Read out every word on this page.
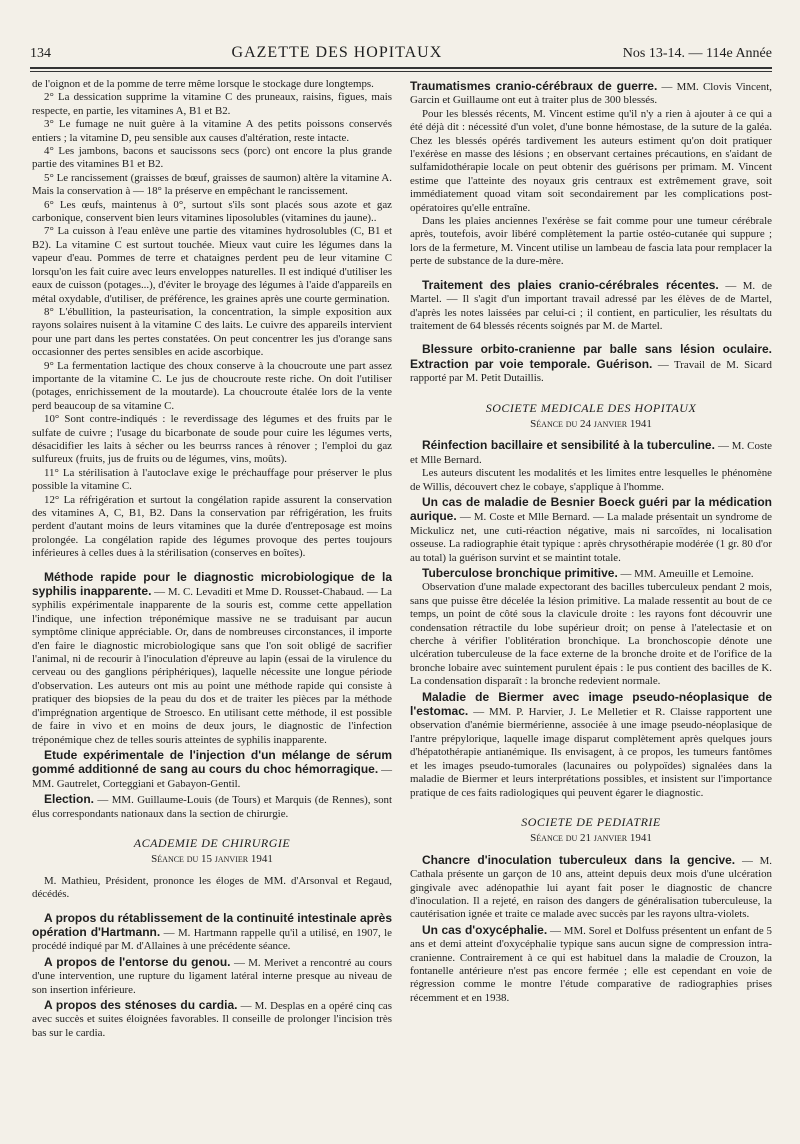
134	GAZETTE DES HOPITAUX	Nos 13-14. — 114e Année

de l'oignon et de la pomme de terre même lorsque le stockage dure longtemps.

2° La dessication supprime la vitamine C des pruneaux, raisins, figues, mais respecte, en partie, les vitamines A, B1 et B2.

3° Le fumage ne nuit guère à la vitamine A des petits poissons conservés entiers ; la vitamine D, peu sensible aux causes d'altération, reste intacte.

4° Les jambons, bacons et saucissons secs (porc) ont encore la plus grande partie des vitamines B1 et B2.

5° Le rancissement (graisses de bœuf, graisses de saumon) altère la vitamine A. Mais la conservation à — 18° la préserve en empêchant le rancissement.

6° Les œufs, maintenus à 0°, surtout s'ils sont placés sous azote et gaz carbonique, conservent bien leurs vitamines liposolubles (vitamines du jaune)..

7° La cuisson à l'eau enlève une partie des vitamines hydrosolubles (C, B1 et B2). La vitamine C est surtout touchée. Mieux vaut cuire les légumes dans la vapeur d'eau. Pommes de terre et chataignes perdent peu de leur vitamine C lorsqu'on les fait cuire avec leurs enveloppes naturelles. Il est indiqué d'utiliser les eaux de cuisson (potages...), d'éviter le broyage des légumes à l'aide d'appareils en métal oxydable, d'utiliser, de préférence, les graines après une courte germination.

8° L'ébullition, la pasteurisation, la concentration, la simple exposition aux rayons solaires nuisent à la vitamine C des laits. Le cuivre des appareils intervient pour une part dans les pertes constatées. On peut concentrer les jus d'orange sans occasionner des pertes sensibles en acide ascorbique.

9° La fermentation lactique des choux conserve à la choucroute une part assez importante de la vitamine C. Le jus de choucroute reste riche. On doit l'utiliser (potages, enrichissement de la moutarde). La choucroute étalée lors de la vente perd beaucoup de sa vitamine C.

10° Sont contre-indiqués : le reverdissage des légumes et des fruits par le sulfate de cuivre ; l'usage du bicarbonate de soude pour cuire les légumes verts, désacidifier les laits à sécher ou les beurrss rances à rénover ; l'emploi du gaz sulfureux (fruits, jus de fruits ou de légumes, vins, moûts).

11° La stérilisation à l'autoclave exige le préchauffage pour préserver le plus possible la vitamine C.

12° La réfrigération et surtout la congélation rapide assurent la conservation des vitamines A, C, B1, B2. Dans la conservation par réfrigération, les fruits perdent d'autant moins de leurs vitamines que la durée d'entreposage est moins prolongée. La congélation rapide des légumes provoque des pertes toujours inférieures à celles dues à la stérilisation (conserves en boîtes).

Méthode rapide pour le diagnostic microbiologique de la syphilis inapparente. — M. C. Levaditi et Mme D. Rousset-Chabaud. — La syphilis expérimentale inapparente de la souris est, comme cette appellation l'indique, une infection tréponémique massive ne se traduisant par aucun symptôme clinique appréciable. Or, dans de nombreuses circonstances, il importe d'en faire le diagnostic microbiologique sans que l'on soit obligé de sacrifier l'animal, ni de recourir à l'inoculation d'épreuve au lapin (essai de la virulence du cerveau ou des ganglions périphériques), laquelle nécessite une longue période d'observation. Les auteurs ont mis au point une méthode rapide qui consiste à pratiquer des biopsies de la peau du dos et de traiter les pièces par la méthode d'imprégnation argentique de Stroesco. En utilisant cette méthode, il est possible de faire in vivo et en moins de deux jours, le diagnostic de l'infection tréponémique chez de telles souris atteintes de syphilis inapparente.

Etude expérimentale de l'injection d'un mélange de sérum gommé additionné de sang au cours du choc hémorragique. — MM. Gautrelet, Corteggiani et Gabayon-Gentil.

Election. — MM. Guillaume-Louis (de Tours) et Marquis (de Rennes), sont élus correspondants nationaux dans la section de chirurgie.

ACADEMIE DE CHIRURGIE
Séance du 15 janvier 1941

M. Mathieu, Président, prononce les éloges de MM. d'Arsonval et Regaud, décédés.

A propos du rétablissement de la continuité intestinale après opération d'Hartmann. — M. Hartmann rappelle qu'il a utilisé, en 1907, le procédé indiqué par M. d'Allaines à une précédente séance.

A propos de l'entorse du genou. — M. Merivet a rencontré au cours d'une intervention, une rupture du ligament latéral interne presque au niveau de son insertion inférieure.

A propos des sténoses du cardia. — M. Desplas en a opéré cinq cas avec succès et suites éloignées favorables. Il conseille de prolonger l'incision très bas sur le cardia.

Traumatismes cranio-cérébraux de guerre. — MM. Clovis Vincent, Garcin et Guillaume ont eut à traiter plus de 300 blessés.

Pour les blessés récents, M. Vincent estime qu'il n'y a rien à ajouter à ce qui a été déjà dit : nécessité d'un volet, d'une bonne hémostase, de la suture de la galéa. Chez les blessés opérés tardivement les auteurs estiment qu'on doit pratiquer l'exérèse en masse des lésions ; en observant certaines précautions, en s'aidant de sulfamidothérapie locale on peut obtenir des guérisons per primam. M. Vincent estime que l'atteinte des noyaux gris centraux est extrêmement grave, soit immédiatement quoad vitam soit secondairement par les complications post-opératoires qu'elle entraîne.

Dans les plaies anciennes l'exérèse se fait comme pour une tumeur cérébrale après, toutefois, avoir libéré complètement la partie ostéo-cutanée qui suppure ; lors de la fermeture, M. Vincent utilise un lambeau de fascia lata pour remplacer la perte de substance de la dure-mère.

Traitement des plaies cranio-cérébrales récentes. — M. de Martel. — Il s'agit d'un important travail adressé par les élèves de de Martel, d'après les notes laissées par celui-ci ; il contient, en particulier, les résultats du traitement de 64 blessés récents soignés par M. de Martel.

Blessure orbito-cranienne par balle sans lésion oculaire. Extraction par voie temporale. Guérison. — Travail de M. Sicard rapporté par M. Petit Dutaillis.

SOCIETE MEDICALE DES HOPITAUX
Séance du 24 janvier 1941

Réinfection bacillaire et sensibilité à la tuberculine. — M. Coste et Mlle Bernard.

Les auteurs discutent les modalités et les limites entre lesquelles le phénomène de Willis, découvert chez le cobaye, s'applique à l'homme.

Un cas de maladie de Besnier Boeck guéri par la médication aurique. — M. Coste et Mlle Bernard. — La malade présentait un syndrome de Mickulicz net, une cuti-réaction négative, mais ni sarcoïdes, ni localisation osseuse. La radiographie était typique : après chrysothérapie modérée (1 gr. 80 d'or au total) la guérison survint et se maintint totale.

Tuberculose bronchique primitive. — MM. Ameuille et Lemoine.

Observation d'une malade expectorant des bacilles tuberculeux pendant 2 mois, sans que puisse être décelée la lésion primitive. La malade ressentit au bout de ce temps, un point de côté sous la clavicule droite : les rayons font découvrir une condensation rétractile du lobe supérieur droit; on pense à l'atelectasie et on cherche à vérifier l'oblitération bronchique. La bronchoscopie dénote une ulcération tuberculeuse de la face externe de la bronche droite et de l'orifice de la bronche lobaire avec suintement purulent épais : le pus contient des bacilles de K. La condensation disparaît : la bronche redevient normale.

Maladie de Biermer avec image pseudo-néoplasique de l'estomac. — MM. P. Harvier, J. Le Melletier et R. Claisse rapportent une observation d'anémie biermérienne, associée à une image pseudo-néoplasique de l'antre prépylorique, laquelle image disparut complètement après quelques jours d'hépatothérapie antianémique. Ils envisagent, à ce propos, les tumeurs fantômes et les images pseudo-tumorales (lacunaires ou polypoïdes) signalées dans la maladie de Biermer et leurs interprétations possibles, et insistent sur l'importance pratique de ces faits radiologiques qui peuvent égarer le diagnostic.

SOCIETE DE PEDIATRIE
Séance du 21 janvier 1941

Chancre d'inoculation tuberculeux dans la gencive. — M. Cathala présente un garçon de 10 ans, atteint depuis deux mois d'une ulcération gingivale avec adénopathie lui ayant fait poser le diagnostic de chancre d'inoculation. Il a rejeté, en raison des dangers de généralisation tuberculeuse, la cautérisation ignée et traite ce malade avec succès par les rayons ultra-violets.

Un cas d'oxycéphalie. — MM. Sorel et Dolfuss présentent un enfant de 5 ans et demi atteint d'oxycéphalie typique sans aucun signe de compression intra-cranienne. Contrairement à ce qui est habituel dans la maladie de Crouzon, la fontanelle antérieure n'est pas encore fermée ; elle est cependant en voie de régression comme le montre l'étude comparative de radiographies prises récemment et en 1938.
